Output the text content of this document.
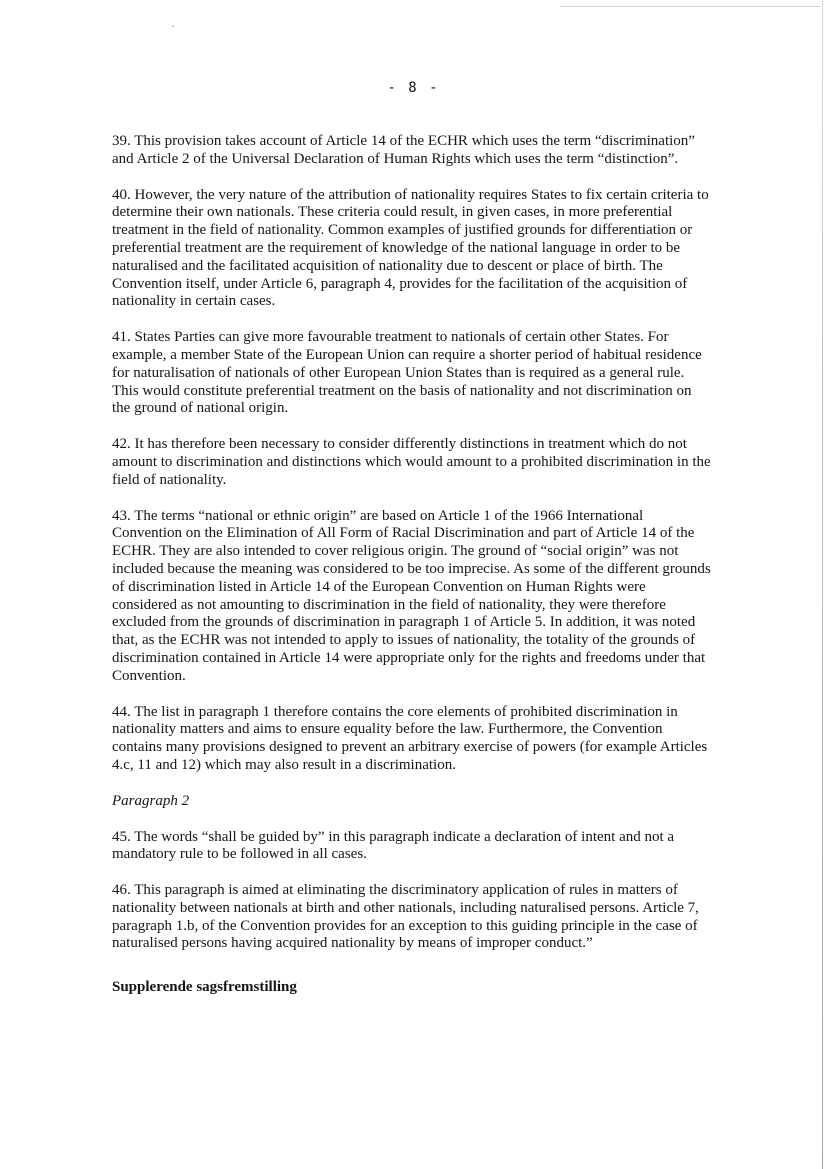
- 8 -

39. This provision takes account of Article 14 of the ECHR which uses the term “discrimination” and Article 2 of the Universal Declaration of Human Rights which uses the term “distinction”.

40. However, the very nature of the attribution of nationality requires States to fix certain criteria to determine their own nationals. These criteria could result, in given cases, in more preferential treatment in the field of nationality. Common examples of justified grounds for differentiation or preferential treatment are the requirement of knowledge of the national language in order to be naturalised and the facilitated acquisition of nationality due to descent or place of birth. The Convention itself, under Article 6, paragraph 4, provides for the facilitation of the acquisition of nationality in certain cases.

41. States Parties can give more favourable treatment to nationals of certain other States. For example, a member State of the European Union can require a shorter period of habitual residence for naturalisation of nationals of other European Union States than is required as a general rule. This would constitute preferential treatment on the basis of nationality and not discrimination on the ground of national origin.

42. It has therefore been necessary to consider differently distinctions in treatment which do not amount to discrimination and distinctions which would amount to a prohibited discrimination in the field of nationality.

43. The terms “national or ethnic origin” are based on Article 1 of the 1966 International Convention on the Elimination of All Form of Racial Discrimination and part of Article 14 of the ECHR. They are also intended to cover religious origin. The ground of “social origin” was not included because the meaning was considered to be too imprecise. As some of the different grounds of discrimination listed in Article 14 of the European Convention on Human Rights were considered as not amounting to discrimination in the field of nationality, they were therefore excluded from the grounds of discrimination in paragraph 1 of Article 5. In addition, it was noted that, as the ECHR was not intended to apply to issues of nationality, the totality of the grounds of discrimination contained in Article 14 were appropriate only for the rights and freedoms under that Convention.

44. The list in paragraph 1 therefore contains the core elements of prohibited discrimination in nationality matters and aims to ensure equality before the law. Furthermore, the Convention contains many provisions designed to prevent an arbitrary exercise of powers (for example Articles 4.c, 11 and 12) which may also result in a discrimination.

Paragraph 2

45. The words “shall be guided by” in this paragraph indicate a declaration of intent and not a mandatory rule to be followed in all cases.

46. This paragraph is aimed at eliminating the discriminatory application of rules in matters of nationality between nationals at birth and other nationals, including naturalised persons. Article 7, paragraph 1.b, of the Convention provides for an exception to this guiding principle in the case of naturalised persons having acquired nationality by means of improper conduct.”

Supplerende sagsfremstilling
